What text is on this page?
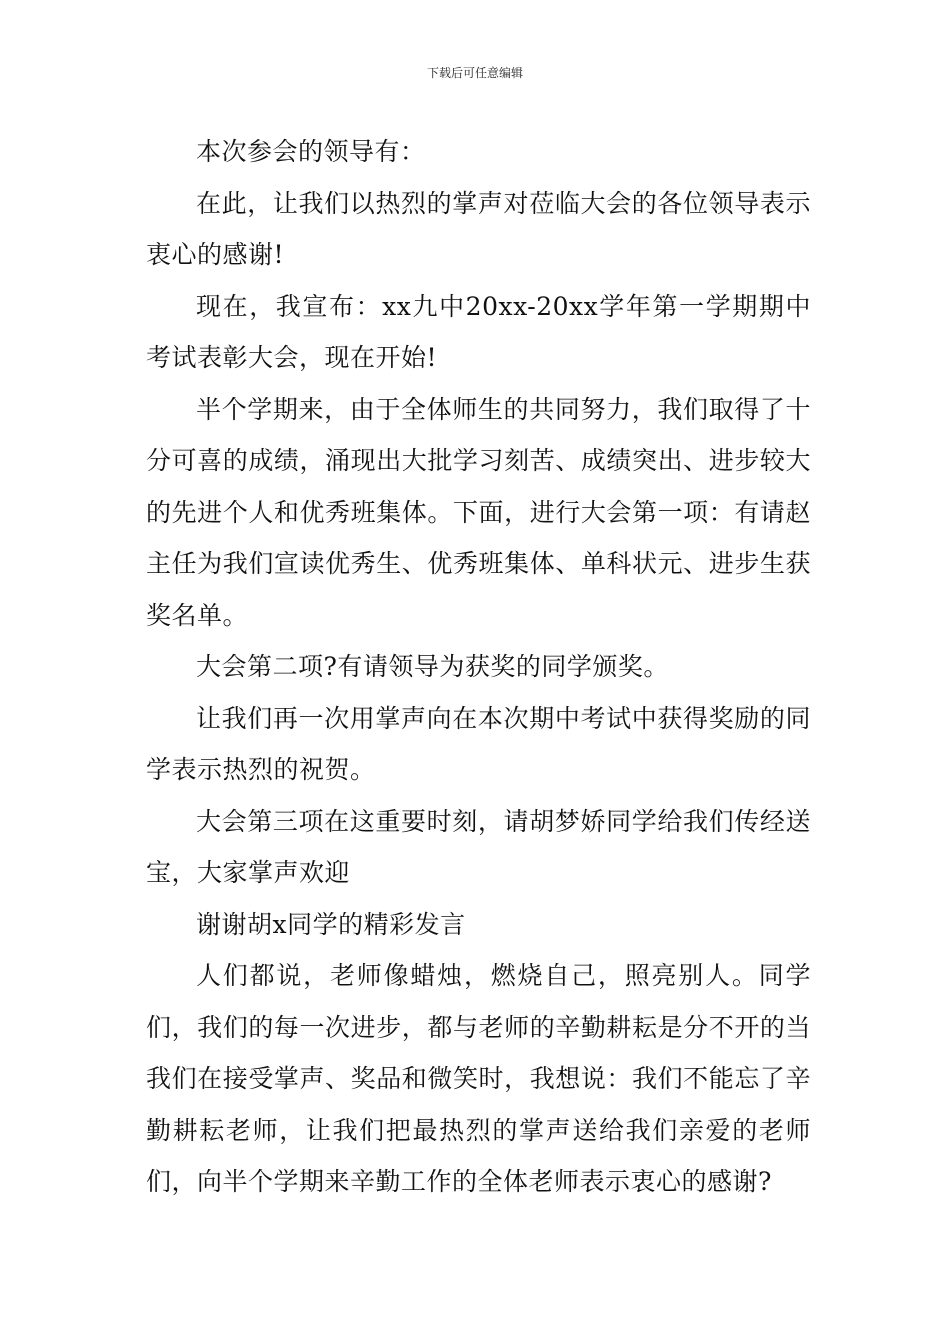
下载后可任意编辑

本次参会的领导有：

在此，让我们以热烈的掌声对莅临大会的各位领导表示衷心的感谢!

现在，我宣布：xx九中20xx-20xx学年第一学期期中考试表彰大会，现在开始!

半个学期来，由于全体师生的共同努力，我们取得了十分可喜的成绩，涌现出大批学习刻苦、成绩突出、进步较大的先进个人和优秀班集体。下面，进行大会第一项：有请赵主任为我们宣读优秀生、优秀班集体、单科状元、进步生获奖名单。

大会第二项?有请领导为获奖的同学颁奖。

让我们再一次用掌声向在本次期中考试中获得奖励的同学表示热烈的祝贺。

大会第三项在这重要时刻，请胡梦娇同学给我们传经送宝，大家掌声欢迎

谢谢胡x同学的精彩发言

人们都说，老师像蜡烛，燃烧自己，照亮别人。同学们，我们的每一次进步，都与老师的辛勤耕耘是分不开的当我们在接受掌声、奖品和微笑时，我想说：我们不能忘了辛勤耕耘老师，让我们把最热烈的掌声送给我们亲爱的老师们，向半个学期来辛勤工作的全体老师表示衷心的感谢?
